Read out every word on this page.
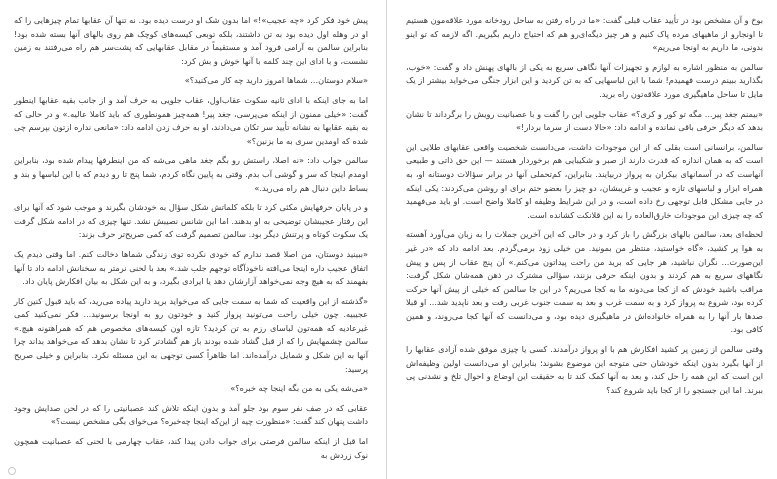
پیش خود فکر کرد «چه عجیب»!» اما بدون شک او درست دیده بود. نه تنها آن عقابها تمام چیزهایی را که او در وهله اول دیده بود به تن داشتند، بلکه توبعی کیسه‌های کوچک هم روی بالهای آنها بسته شده بود! بنابراین سالمن به آرامی فرود آمد و مستقیماً در مقابل عقابهایی که پشت‌سر هم راه می‌رفتند به زمین نشست، و با ادای این چند کلمه با آنها خوش و بش کرد:

«سلام دوستان... شماها امروز دارید چه کار می‌کنید؟»

اما به جای اینکه با ادای ثانیه سکوت عقاب‌اول، عقاب جلویی به حرف آمد و از جانب بقیه عقابها اینطور گفت: «خیلی ممنون از اینکه می‌پرسی، جغد پیر! همه‌چیز همونطوری که باید کاملا عالیه.» و در حالی که به بقیه عقابها به نشانه تأیید سر تکان می‌دادند، او به حرف زدن ادامه داد: «مانعی نداره ازتون بپرسم چی شده که اومدین سری به ما بزنین؟»

سالمن جواب داد: «نه اصلا، راستش رو بگم جغد ماهی می‌شه که من اینطرفها پیدام شده بود، بنابراین اومدم اینجا که سر و گوشی آب بدم. وقتی به پایین نگاه کردم، شما پنج تا رو دیدم که با این لباسها و بند و بساط داین دنبال هم راه می‌رید.»

و در پایان حرفهایش مکثی کرد تا بلکه کلماتش شکل سؤال به خودشان بگیرند و موجب شود که آنها برای این رفتار عجیبشان توضیحی به او بدهند. اما این شانس نصیبش نشد. تنها چیزی که در ادامه شکل گرفت یک سکوت کوتاه و پرتنش دیگر بود. سالمن تصمیم گرفت که کمی صریح‌تر حرف بزند:

«ببینید دوستان، من اصلا قصد ندارم که خودی نکرده توی زندگی شماها دخالت کنم. اما وقتی دیدم یک اتفاق عجیب داره اینجا می‌افته ناخودآگاه توجهم جلب شد.» بعد با لحنی نرمتر به سخنانش ادامه داد تا آنها بفهمند که به هیچ وجه نمی‌خواهد آزارشان دهد یا ایرادی بگیرد، و به این شکل به بیان افکارش پایان داد.

«گذشته از این واقعیت که شما به سمت جایی که می‌خواید برید دارید پیاده می‌رید، که باید قبول کنین کار عجیبیه. چون خیلی راحت می‌تونید پرواز کنید و خودتون رو به اونجا برسونید... فکر نمی‌کنید کمی غیرعادیه که همه‌تون لباسای رزم به تن کردید؟ تازه اون کیسه‌های مخصوص هم که همراهتونه هیچ.» سالمن چشمهایش را که از قبل گشاد شده بودند باز هم گشادتر کرد تا نشان بدهد که می‌خواهد بداند چرا آنها به این شکل و شمایل درآمده‌اند. اما ظاهراً کسی توجهی به این مسئله نکرد. بنابراین و خیلی صریح پرسید:

«می‌شه یکی به من بگه اینجا چه خبره؟»

عقابی که در صف نفر سوم بود جلو آمد و بدون اینکه تلاش کند عصبانیتی را که در لحن صدایش وجود داشت پنهان کند گفت: «منظورت چیه از این‌که اینجا چه‌خبره؟ می‌خوای بگی مشخص نیست؟»

اما قبل از اینکه سالمن فرصتی برای جواب دادن پیدا کند، عقاب چهارمی با لحنی که عصبانیت همچون نوک زردش به

بوخ و آن مشخص بود در تأیید عقاب قبلی گفت: «ما در راه رفتن به ساحل رودخانه مورد علاقه‌مون هستیم تا اونجارو از ماهیهای مرده پاک کنیم و هر چیز دیگه‌ای‌رو هم که احتیاج داریم بگیریم. اگه لازمه که تو اینو بدونی، ما داریم به اونجا می‌ریم»

سالمن به منظور اشاره به لوازم و تجهیزات آنها نگاهی سریع به یکی از بالهای پهنش داد و گفت: «خوب، بگذارید ببینم درست فهمیدم! شما با این لباسهایی که به تن کردید و این ابزار جنگی می‌خواید بیشتر از یک مایل تا ساحل ماهیگیری مورد علاقه‌تون راه برید.

«بیمنم جغد پیر... مگه تو کور و کری؟» عقاب جلویی این را گفت و با عصبانیت رویش را برگرداند تا نشان بدهد که دیگر حرفی باقی نمانده و ادامه داد: «حالا دست از سرما بردار!»

سالمن، برانسانی است بقلی که از این موجودات داشت، می‌دانست شخصیت واقعی عقابهای طلایی این است که به همان اندازه که قدرت دارند از صبر و شکیبایی هم برخوردار هستند — این حق ذاتی و طبیعی آنهاست که در آسمانهای بیکران به پرواز دربیایند. بنابراین، کم‌تحملی آنها در برابر سؤالات دوستانه او، به همراه ابزار و لباسهای تازه و عجیب و غریبشان، دو چیز را بعضو حتم برای او روشن می‌کردند: یکی اینکه در جایی مشکل قابل توجهی رخ داده است، و در این شرایط وظیفه او کاملا واضح است. او باید می‌فهمید که چه چیزی این موجودات خارق‌العاده را به این قلانکت کشانده است.

لحظه‌ای بعد، سالمن بالهای بزرگش را باز کرد و در حالی که این آخرین جملات را به زبان می‌آورد آهسته به هوا پر کشید، «گاه خواستید، منتظر من بمونید. من خیلی زود برمی‌گردم. بعد ادامه داد که «در غیر این‌صورت... نگران نباشید، هر جایی که برید من راحت پیداتون می‌کنم.» آن پنج عقاب از پس و پیش نگاههای سریع به هم کردند و بدون اینکه حرفی بزنند، سؤالی مشترک در ذهن همه‌شان شکل گرفت: مراقب باشید خودش که از کجا می‌دونه ما به کجا می‌ریم؟ در این جا سالمن که خیلی از پیش آنها حرکت کرده بود، شروع به پرواز کرد و به سمت غرب و بعد به سمت جنوب غربی رفت و بعد ناپدید شد... او قبلا صدها بار آنها را به همراه خانواده‌اش در ماهیگیری دیده بود، و می‌دانست که آنها کجا می‌روند، و همین کافی بود.

وقتی سالمن از زمین پر کشید افکارش هم با او پرواز درآمدند. کسی یا چیزی موفق شده آزادی عقابها را از آنها بگیرد بدون اینکه خودشان حتی متوجه این موضوع بشوند؛ بنابراین او می‌دانست اولین وظیفه‌اش این است که این همه را حل کند، و بعد به آنها کمک کند تا به حقیقت این اوضاع و احوال تلخ و نشدنی پی ببرند. اما این جستجو را از کجا باید شروع کند؟
